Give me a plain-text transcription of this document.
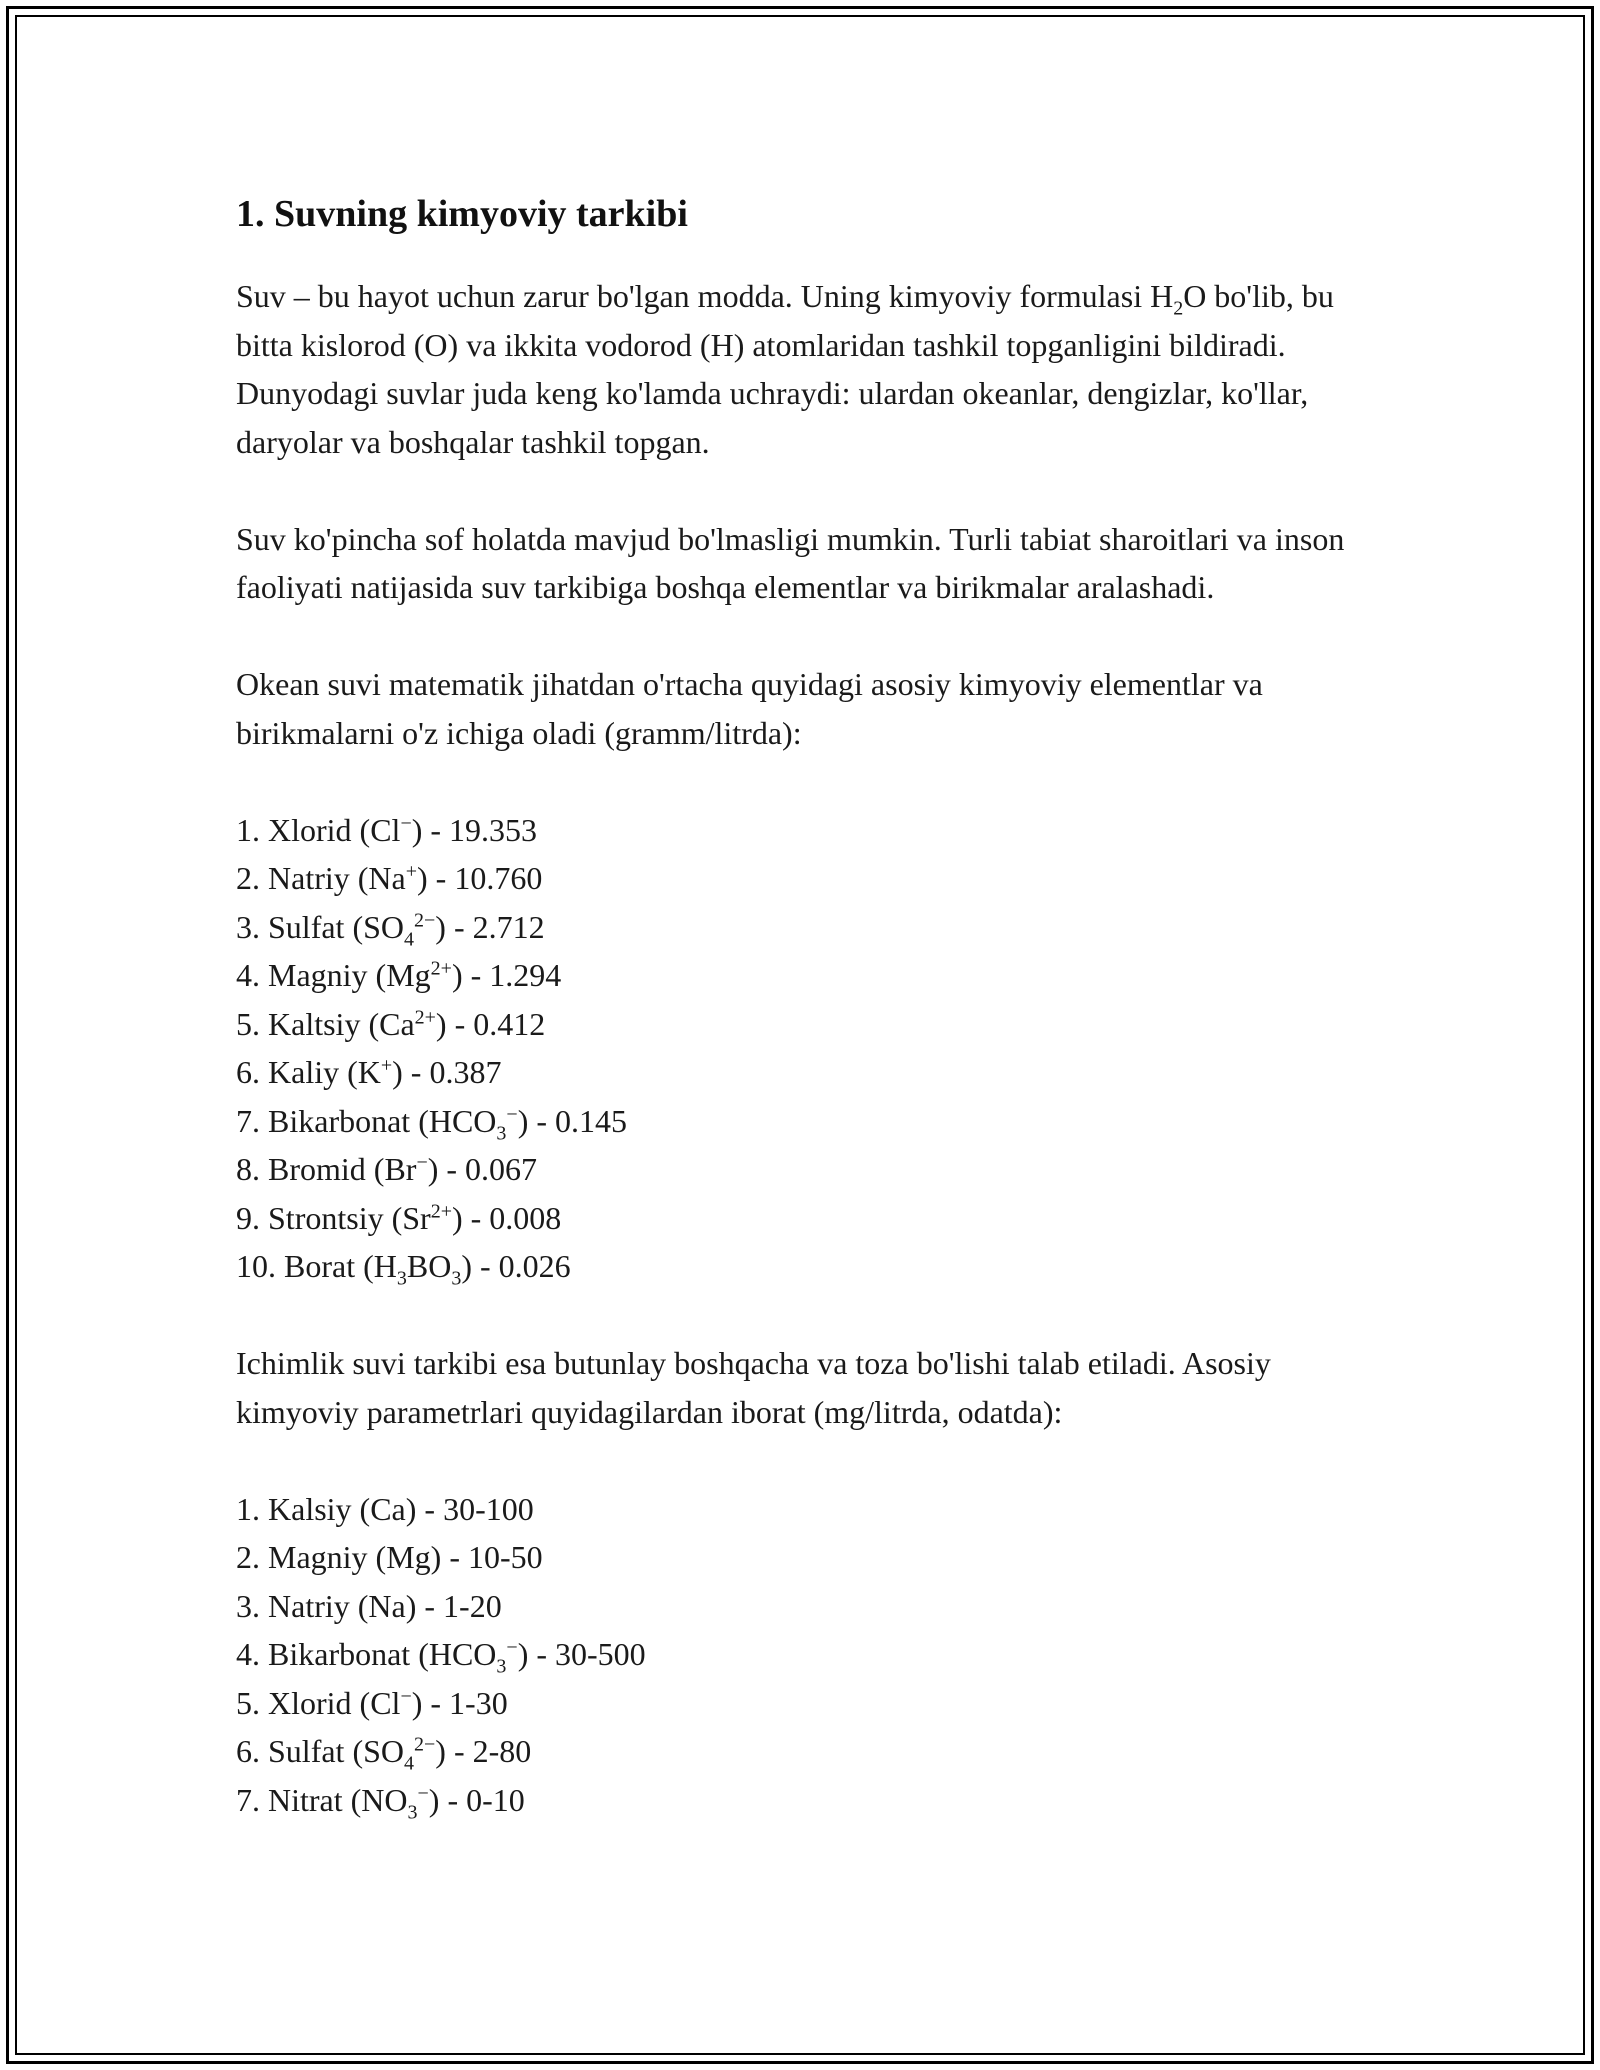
1. Suvning kimyoviy tarkibi

Suv – bu hayot uchun zarur bo'lgan modda. Uning kimyoviy formulasi $H_2O$ bo'lib, bu bitta kislorod (O) va ikkita vodorod (H) atomlaridan tashkil topganligini bildiradi. Dunyodagi suvlar juda keng ko'lamda uchraydi: ulardan okeanlar, dengizlar, ko'llar, daryolar va boshqalar tashkil topgan.

Suv ko'pincha sof holatda mavjud bo'lmasligi mumkin. Turli tabiat sharoitlari va inson faoliyati natijasida suv tarkibiga boshqa elementlar va birikmalar aralashadi.

Okean suvi matematik jihatdan o'rtacha quyidagi asosiy kimyoviy elementlar va birikmalarni o'z ichiga oladi (gramm/litrda):

1. Xlorid (Cl−) - 19.353
2. Natriy (Na+) - 10.760
3. Sulfat $(SO_4^{2-}) - 2.712$
4. Magniy $(Mg^{2+}) - 1.294$
5. Kaltsiy $(Ca^{2+}) - 0.412$
6. Kaliy (K+) - 0.387
7. Bikarbonat $(HCO_3^-) - 0.145$
8. Bromid (Br−) - 0.067
9. Strontsiy $(Sr^{2+}) - 0.008$
10. Borat $(H_3BO_3) - 0.026$

Ichimlik suvi tarkibi esa butunlay boshqacha va toza bo'lishi talab etiladi. Asosiy kimyoviy parametrlari quyidagilardan iborat (mg/litrda, odatda):

1. Kalsiy (Ca) - 30-100
2. Magniy (Mg) - 10-50
3. Natriy (Na) - 1-20
4. Bikarbonat $(HCO_3^-) - 30-500$
5. Xlorid (Cl−) - 1-30
6. Sulfat $(SO_4^{2-}) - 2-80$
7. Nitrat $(NO_3^-) - 0-10$
